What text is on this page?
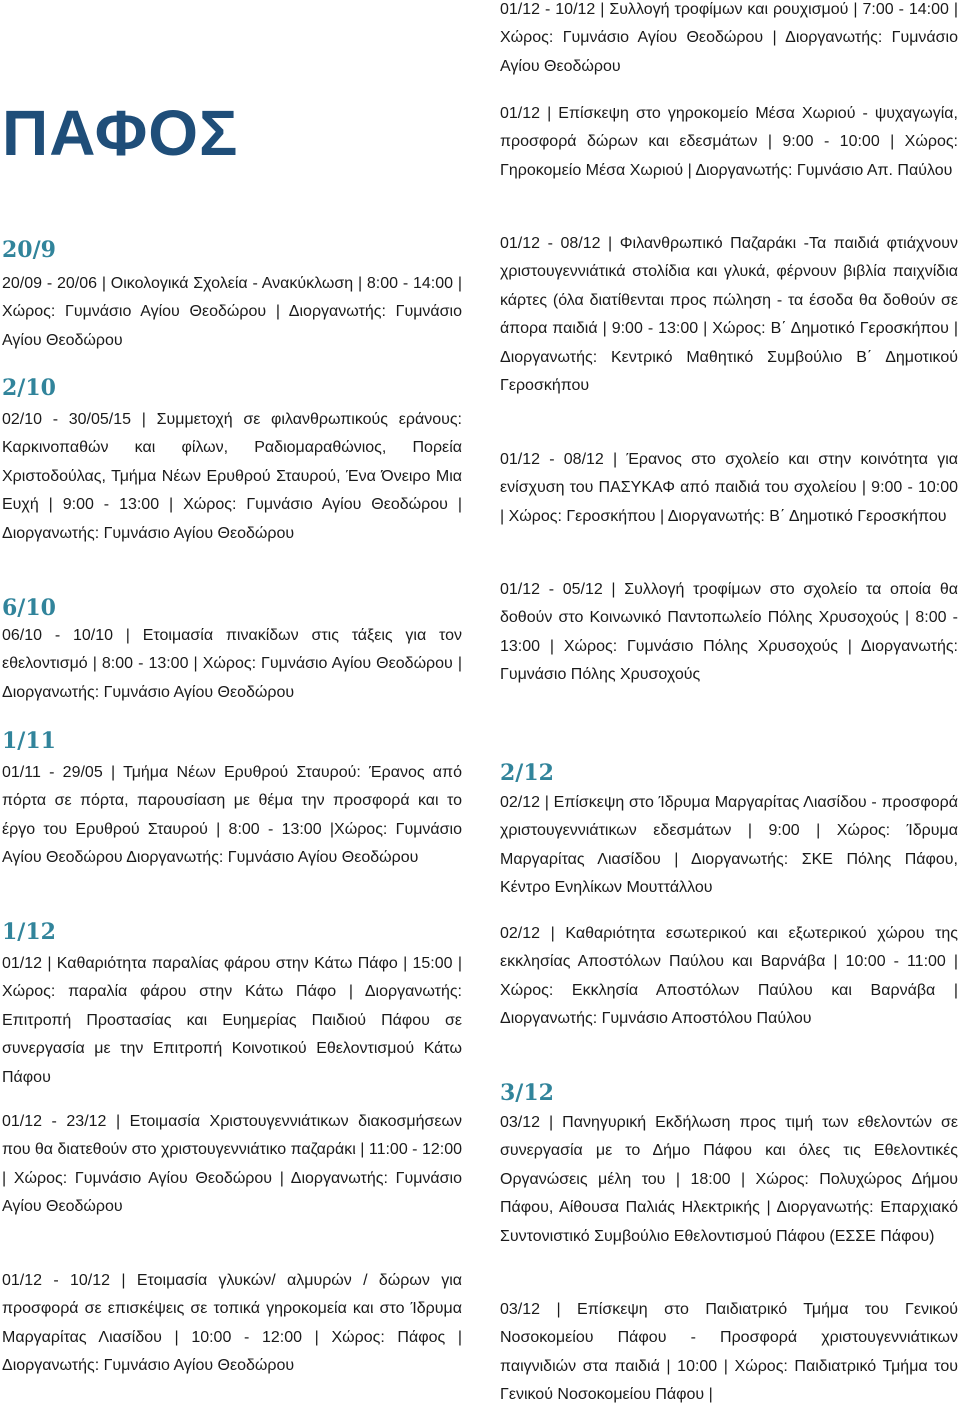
ΠΑΦΟΣ
20/9
20/09 - 20/06 | Οικολογικά Σχολεία - Ανακύκλωση | 8:00 - 14:00 | Χώρος: Γυμνάσιο Αγίου Θεοδώρου | Διοργανωτής: Γυμνάσιο Αγίου Θεοδώρου
2/10
02/10 - 30/05/15 | Συμμετοχή σε φιλανθρωπικούς εράνους: Καρκινοπαθών και φίλων, Ραδιομαραθώνιος, Πορεία Χριστοδούλας, Τμήμα Νέων Ερυθρού Σταυρού, Ένα Όνειρο Μια Ευχή | 9:00 - 13:00 | Χώρος: Γυμνάσιο Αγίου Θεοδώρου | Διοργανωτής: Γυμνάσιο Αγίου Θεοδώρου
6/10
06/10 - 10/10 | Ετοιμασία πινακίδων στις τάξεις για τον εθελοντισμό | 8:00 - 13:00 | Χώρος: Γυμνάσιο Αγίου Θεοδώρου | Διοργανωτής: Γυμνάσιο Αγίου Θεοδώρου
1/11
01/11 - 29/05 | Τμήμα Νέων Ερυθρού Σταυρού: Έρανος από πόρτα σε πόρτα, παρουσίαση με θέμα την προσφορά και το έργο του Ερυθρού Σταυρού | 8:00 - 13:00 |Χώρος: Γυμνάσιο Αγίου Θεοδώρου Διοργανωτής: Γυμνάσιο Αγίου Θεοδώρου
1/12
01/12 | Καθαριότητα παραλίας φάρου στην Κάτω Πάφο | 15:00 | Χώρος: παραλία φάρου στην Κάτω Πάφο | Διοργανωτής: Επιτροπή Προστασίας και Ευημερίας Παιδιού Πάφου σε συνεργασία με την Επιτροπή Κοινοτικού Εθελοντισμού Κάτω Πάφου
01/12 - 23/12 | Ετοιμασία Χριστουγεννιάτικων διακοσμήσεων που θα διατεθούν στο χριστουγεννιάτικο παζαράκι | 11:00 - 12:00 | Χώρος: Γυμνάσιο Αγίου Θεοδώρου | Διοργανωτής: Γυμνάσιο Αγίου Θεοδώρου
01/12 - 10/12 | Ετοιμασία γλυκών/ αλμυρών / δώρων για προσφορά σε επισκέψεις σε τοπικά γηροκομεία και στο Ίδρυμα Μαργαρίτας Λιασίδου | 10:00 - 12:00 | Χώρος: Πάφος | Διοργανωτής: Γυμνάσιο Αγίου Θεοδώρου
01/12 - 10/12 | Συλλογή τροφίμων και ρουχισμού | 7:00 - 14:00 | Χώρος: Γυμνάσιο Αγίου Θεοδώρου | Διοργανωτής: Γυμνάσιο Αγίου Θεοδώρου
01/12 | Επίσκεψη στο γηροκομείο Μέσα Χωριού - ψυχαγωγία, προσφορά δώρων και εδεσμάτων | 9:00 - 10:00 | Χώρος: Γηροκομείο Μέσα Χωριού | Διοργανωτής: Γυμνάσιο Απ. Παύλου
01/12 - 08/12 | Φιλανθρωπικό Παζαράκι -Τα παιδιά φτιάχνουν χριστουγεννιάτικά στολίδια και γλυκά, φέρνουν βιβλία παιχνίδια κάρτες (όλα διατίθενται προς πώληση - τα έσοδα θα δοθούν σε άπορα παιδιά | 9:00 - 13:00 | Χώρος: Β΄ Δημοτικό Γεροσκήπου | Διοργανωτής: Κεντρικό Μαθητικό Συμβούλιο Β΄ Δημοτικού Γεροσκήπου
01/12 - 08/12 | Έρανος στο σχολείο και στην κοινότητα για ενίσχυση του ΠΑΣΥΚΑΦ από παιδιά του σχολείου | 9:00 - 10:00 | Χώρος: Γεροσκήπου | Διοργανωτής: Β΄ Δημοτικό Γεροσκήπου
01/12 - 05/12 | Συλλογή τροφίμων στο σχολείο τα οποία θα δοθούν στο Κοινωνικό Παντοπωλείο Πόλης Χρυσοχούς | 8:00 - 13:00 | Χώρος: Γυμνάσιο Πόλης Χρυσοχούς | Διοργανωτής: Γυμνάσιο Πόλης Χρυσοχούς
2/12
02/12 | Επίσκεψη στο Ίδρυμα Μαργαρίτας Λιασίδου - προσφορά χριστουγεννιάτικων εδεσμάτων | 9:00 | Χώρος: Ίδρυμα Μαργαρίτας Λιασίδου | Διοργανωτής: ΣΚΕ Πόλης Πάφου, Κέντρο Ενηλίκων Μουττάλλου
02/12 | Καθαριότητα εσωτερικού και εξωτερικού χώρου της εκκλησίας Αποστόλων Παύλου και Βαρνάβα | 10:00 - 11:00 | Χώρος: Εκκλησία Αποστόλων Παύλου και Βαρνάβα | Διοργανωτής: Γυμνάσιο Αποστόλου Παύλου
3/12
03/12 | Πανηγυρική Εκδήλωση προς τιμή των εθελοντών σε συνεργασία με το Δήμο Πάφου και όλες τις Εθελοντικές Οργανώσεις μέλη του | 18:00 | Χώρος: Πολυχώρος Δήμου Πάφου, Αίθουσα Παλιάς Ηλεκτρικής | Διοργανωτής: Επαρχιακό Συντονιστικό Συμβούλιο Εθελοντισμού Πάφου (ΕΣΣΕ Πάφου)
03/12 | Επίσκεψη στο Παιδιατρικό Τμήμα του Γενικού Νοσοκομείου Πάφου - Προσφορά χριστουγεννιάτικων παιγνιδιών στα παιδιά | 10:00 | Χώρος: Παιδιατρικό Τμήμα του Γενικού Νοσοκομείου Πάφου |
